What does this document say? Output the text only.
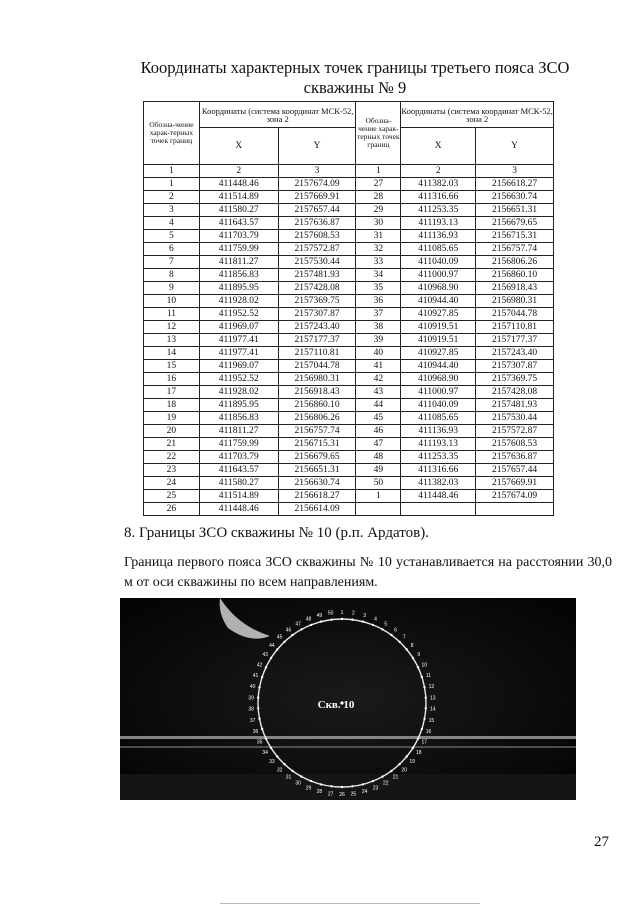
Координаты характерных точек границы третьего пояса ЗСО
скважины № 9
Обозна-чение харак-терных точек границ	Координаты (система координат МСК-52, зона 2		Обозна-чение харак-терных точек границ	Координаты (система координат МСК-52, зона 2	
	X	Y		X	Y
1	2	3	1	2	3
1	411448.46	2157674.09	27	411382.03	2156618.27
2	411514.89	2157669.91	28	411316.66	2156630.74
3	411580.27	2157657.44	29	411253.35	2156651.31
4	411643.57	2157636.87	30	411193.13	2156679.65
5	411703.79	2157608.53	31	411136.93	2156715.31
6	411759.99	2157572.87	32	411085.65	2156757.74
7	411811.27	2157530.44	33	411040.09	2156806.26
8	411856.83	2157481.93	34	411000.97	2156860.10
9	411895.95	2157428.08	35	410968.90	2156918.43
10	411928.02	2157369.75	36	410944.40	2156980.31
11	411952.52	2157307.87	37	410927.85	2157044.78
12	411969.07	2157243.40	38	410919.51	2157110.81
13	411977.41	2157177.37	39	410919.51	2157177.37
14	411977.41	2157110.81	40	410927.85	2157243.40
15	411969.07	2157044.78	41	410944.40	2157307.87
16	411952.52	2156980.31	42	410968.90	2157369.75
17	411928.02	2156918.43	43	411000.97	2157428.08
18	411895.95	2156860.10	44	411040.09	2157481.93
19	411856.83	2156806.26	45	411085.65	2157530.44
20	411811.27	2156757.74	46	411136.93	2157572.87
21	411759.99	2156715.31	47	411193.13	2157608.53
22	411703.79	2156679.65	48	411253.35	2157636.87
23	411643.57	2156651.31	49	411316.66	2157657.44
24	411580.27	2156630.74	50	411382.03	2157669.91
25	411514.89	2156618.27	1	411448.46	2157674.09
26	411448.46	2156614.09			
8. Границы ЗСО скважины № 10 (р.п. Ардатов).

Граница первого пояса ЗСО скважины № 10 устанавливается на расстоянии 30,0 м от оси скважины по всем направлениям.

1 2 3
4
5
6
7
8
9
10
11
12
13
14
15
16
17
18
19
20
21
22
23
24
25
26
27
28
29
30
31
32
33
34
35
36
37
38
39
40
41
42
43
44
45
46
47
48
49 50
Скв. 10
27
